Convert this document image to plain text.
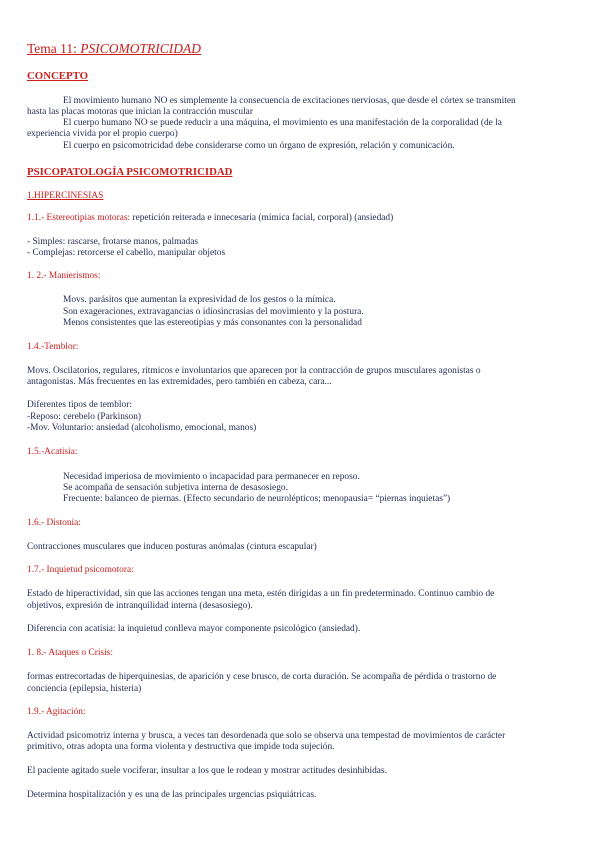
Tema 11: PSICOMOTRICIDAD
CONCEPTO
El movimiento humano NO es simplemente la consecuencia de excitaciones nerviosas, que desde el córtex se transmiten
hasta las placas motoras que inician la contracción muscular
El cuerpo humano NO se puede reducir a una máquina, el movimiento es una manifestación de la corporalidad (de la
experiencia vivida por el propio cuerpo)
El cuerpo en psicomotricidad debe considerarse como un órgano de expresión, relación y comunicación.
PSICOPATOLOGÍA PSICOMOTRICIDAD
1.HIPERCINESIAS
1.1.- Estereotipias motoras: repetición reiterada e innecesaria (mímica facial, corporal) (ansiedad)
- Simples: rascarse, frotarse manos, palmadas
- Complejas: retorcerse el cabello, manipular objetos
1. 2.- Manierismos:
Movs. parásitos que aumentan la expresividad de los gestos o la mímica.
Son exageraciones, extravagancias o idiosincrasias del movimiento y la postura.
Menos consistentes que las estereotipias y más consonantes con la personalidad
1.4.-Temblor:
Movs. Oscilatorios, regulares, rítmicos e involuntarios que aparecen por la contracción de grupos musculares agonistas o
antagonistas. Más frecuentes en las extremidades, pero también en cabeza, cara...
Diferentes tipos de temblor:
-Reposo: cerebelo (Parkinson)
-Mov. Voluntario: ansiedad (alcoholismo, emocional, manos)
1.5.-Acatisia:
Necesidad imperiosa de movimiento o incapacidad para permanecer en reposo.
Se acompaña de sensación subjetiva interna de desasosiego.
Frecuente: balanceo de piernas. (Efecto secundario de neurolépticos; menopausia= “piernas inquietas”)
1.6.- Distonía:
Contracciones musculares que inducen posturas anómalas (cintura escapular)
1.7.- Inquietud psicomotora:
Estado de hiperactividad, sin que las acciones tengan una meta, estén dirigidas a un fin predeterminado. Continuo cambio de
objetivos, expresión de intranquilidad interna (desasosiego).
Diferencia con acatisia: la inquietud conlleva mayor componente psicológico (ansiedad).
1. 8.- Ataques o Crisis:
formas entrecortadas de hiperquinesias, de aparición y cese brusco, de corta duración. Se acompaña de pérdida o trastorno de
conciencia (epilepsia, histeria)
1.9.- Agitación:
Actividad psicomotriz interna y brusca, a veces tan desordenada que solo se observa una tempestad de movimientos de carácter
primitivo, otras adopta una forma violenta y destructiva que impide toda sujeción.
El paciente agitado suele vociferar, insultar a los que le rodean y mostrar actitudes desinhibidas.
Determina hospitalización y es una de las principales urgencias psiquiátricas.
